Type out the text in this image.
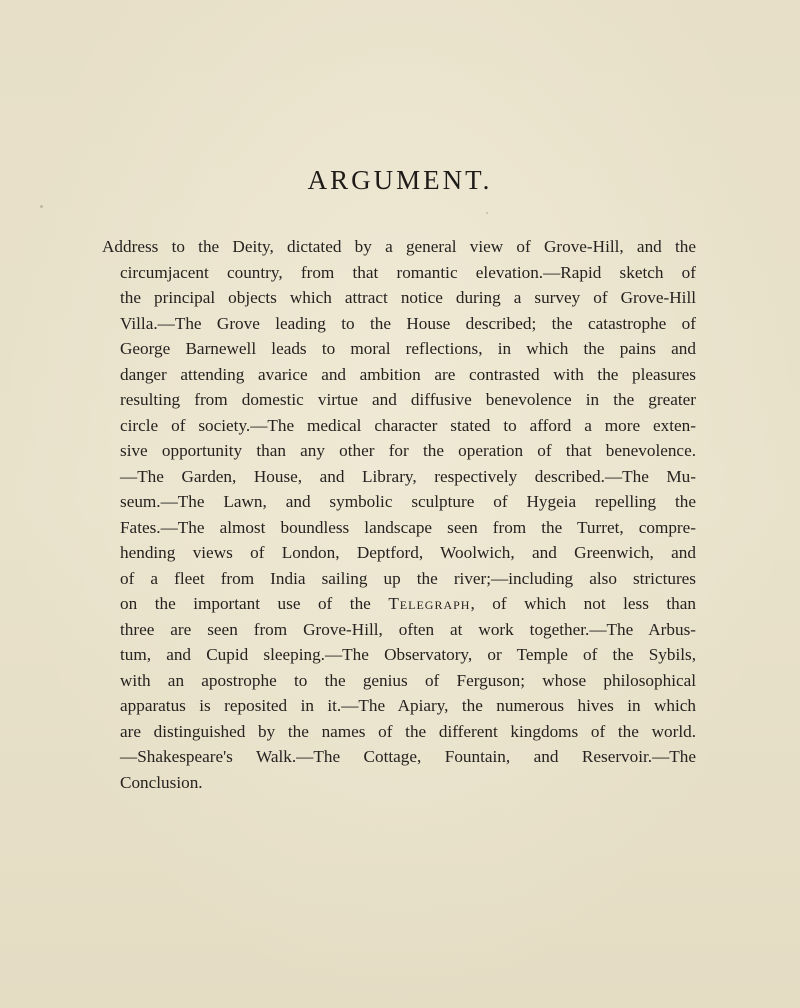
ARGUMENT.
Address to the Deity, dictated by a general view of Grove-Hill, and the
circumjacent country, from that romantic elevation.—Rapid sketch of
the principal objects which attract notice during a survey of Grove-Hill
Villa.—The Grove leading to the House described; the catastrophe of
George Barnewell leads to moral reflections, in which the pains and
danger attending avarice and ambition are contrasted with the pleasures
resulting from domestic virtue and diffusive benevolence in the greater
circle of society.—The medical character stated to afford a more exten-
sive opportunity than any other for the operation of that benevolence.
—The Garden, House, and Library, respectively described.—The Mu-
seum.—The Lawn, and symbolic sculpture of Hygeia repelling the
Fates.—The almost boundless landscape seen from the Turret, compre-
hending views of London, Deptford, Woolwich, and Greenwich, and
of a fleet from India sailing up the river;—including also strictures
on the important use of the Telegraph, of which not less than
three are seen from Grove-Hill, often at work together.—The Arbus-
tum, and Cupid sleeping.—The Observatory, or Temple of the Sybils,
with an apostrophe to the genius of Ferguson; whose philosophical
apparatus is reposited in it.—The Apiary, the numerous hives in which
are distinguished by the names of the different kingdoms of the world.
—Shakespeare's Walk.—The Cottage, Fountain, and Reservoir.—The
Conclusion.
